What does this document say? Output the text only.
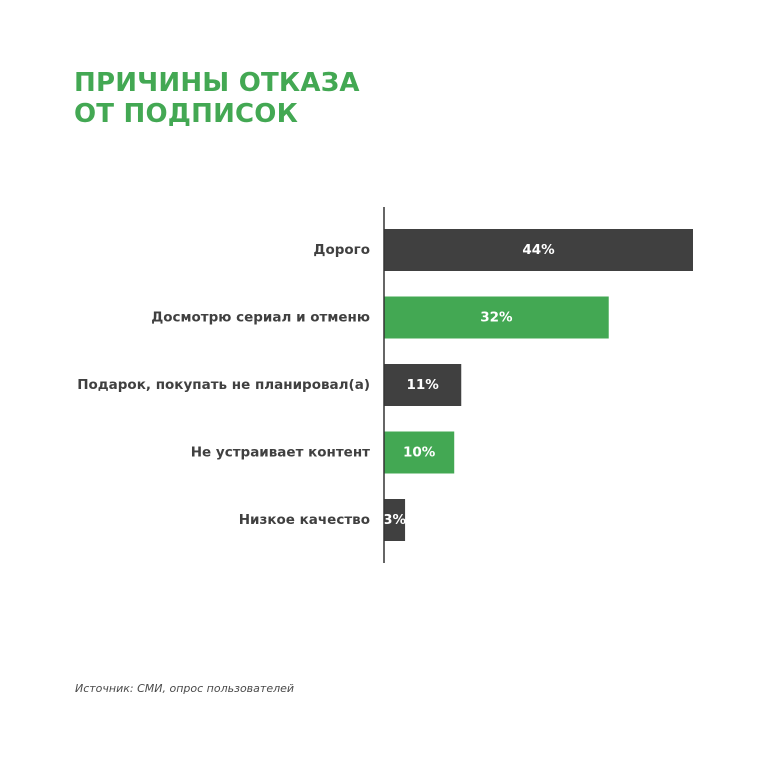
ПРИЧИНЫ ОТКАЗА
ОТ ПОДПИСОК
Дорого	44%
Досмотрю сериал и отменю	32%
Подарок, покупать не планировал(а)	11%
Не устраивает контент 10%
Низкое качество 3%
Источник: СМИ, опрос пользователей
